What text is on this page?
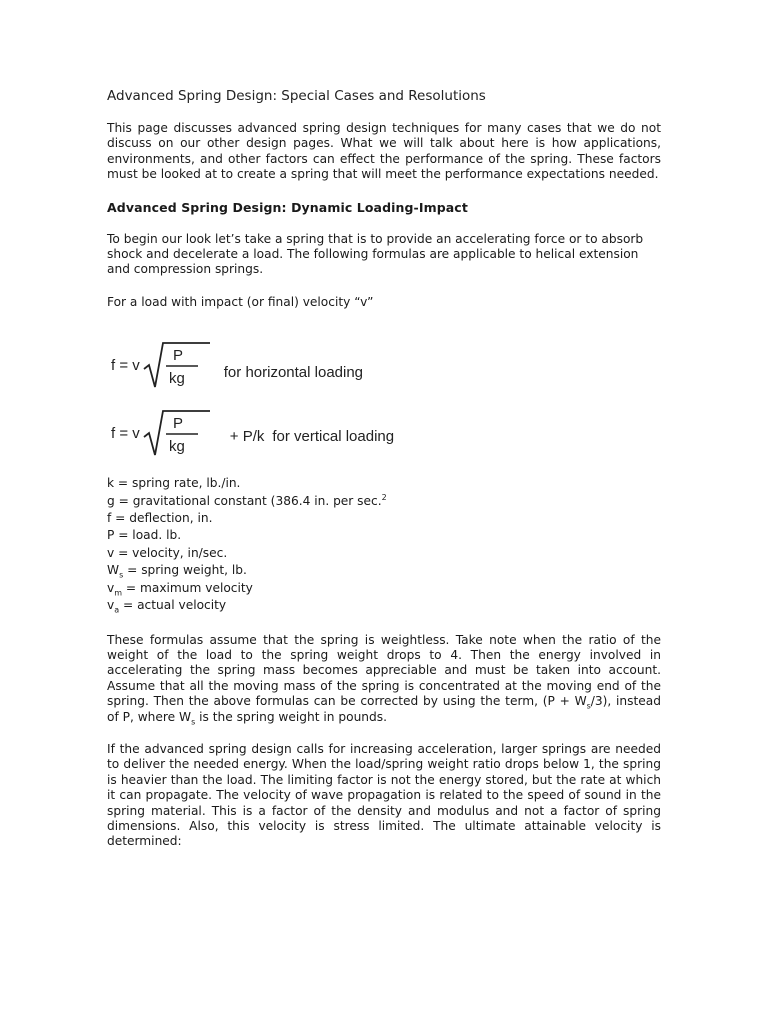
Advanced Spring Design: Special Cases and Resolutions

This page discusses advanced spring design techniques for many cases that we do not discuss on our other design pages. What we will talk about here is how applications, environments, and other factors can effect the performance of the spring. These factors must be looked at to create a spring that will meet the performance expectations needed.

Advanced Spring Design: Dynamic Loading-Impact

To begin our look let’s take a spring that is to provide an accelerating force or to absorb shock and decelerate a load. The following formulas are applicable to helical extension and compression springs.

For a load with impact (or final) velocity “v”

f = v
P
kg	for horizontal loading
f = v
P
kg
+ P/k for vertical loading
k = spring rate, lb./in.
g = gravitational constant (386.4 in. per sec.$^2$
f = deflection, in.
P = load. lb.
v = velocity, in/sec.
$W_s$ = spring weight, lb.
$v_m$ = maximum velocity
$v_a$ = actual velocity

These formulas assume that the spring is weightless. Take note when the ratio of the weight of the load to the spring weight drops to 4. Then the energy involved in accelerating the spring mass becomes appreciable and must be taken into account. Assume that all the moving mass of the spring is concentrated at the moving end of the spring. Then the above formulas can be corrected by using the term, $(P + W_s/3)$, instead of P, where $W_s$ is the spring weight in pounds.

If the advanced spring design calls for increasing acceleration, larger springs are needed to deliver the needed energy. When the load/spring weight ratio drops below 1, the spring is heavier than the load. The limiting factor is not the energy stored, but the rate at which it can propagate. The velocity of wave propagation is related to the speed of sound in the spring material. This is a factor of the density and modulus and not a factor of spring dimensions. Also, this velocity is stress limited. The ultimate attainable velocity is determined:
